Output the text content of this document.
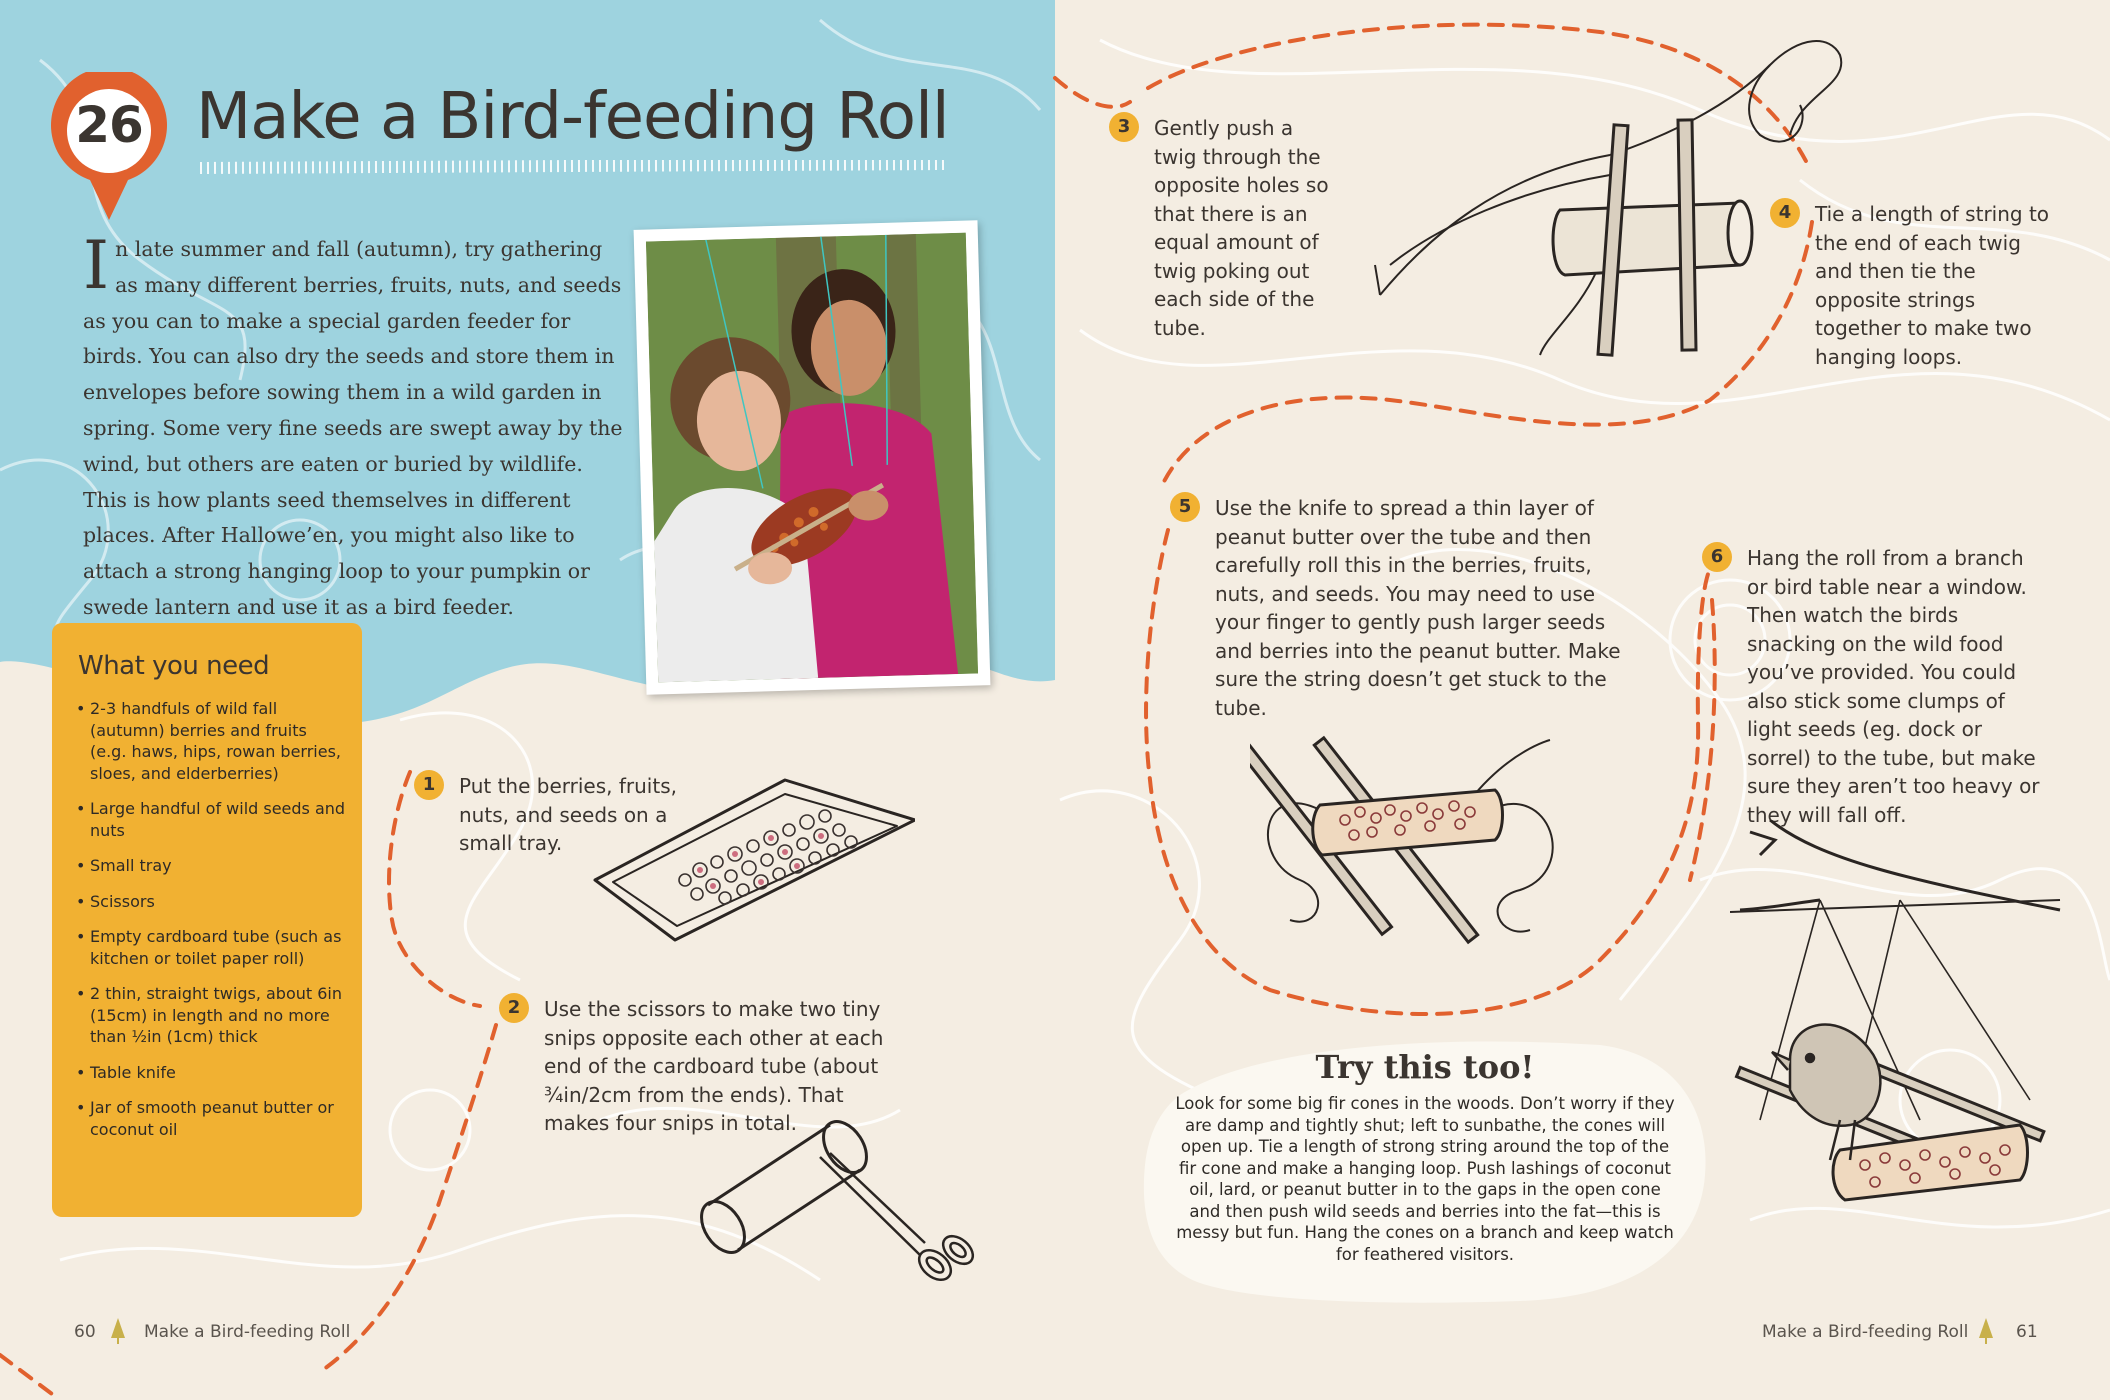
26 Make a Bird-feeding Roll

In late summer and fall (autumn), try gathering as many different berries, fruits, nuts, and seeds as you can to make a special garden feeder for birds. You can also dry the seeds and store them in envelopes before sowing them in a wild garden in spring. Some very fine seeds are swept away by the wind, but others are eaten or buried by wildlife. This is how plants seed themselves in different places. After Hallowe’en, you might also like to attach a strong hanging loop to your pumpkin or swede lantern and use it as a bird feeder.

What you need
• 2-3 handfuls of wild fall (autumn) berries and fruits (e.g. haws, hips, rowan berries, sloes, and elderberries)
• Large handful of wild seeds and nuts
• Small tray
• Scissors
• Empty cardboard tube (such as kitchen or toilet paper roll)
• 2 thin, straight twigs, about 6in (15cm) in length and no more than ½in (1cm) thick
• Table knife
• Jar of smooth peanut butter or coconut oil
1	Put the berries, fruits, nuts, and seeds on a small tray.

2	Use the scissors to make two tiny snips opposite each other at each end of the cardboard tube (about ¾in/2cm from the ends). That makes four snips in total.

3	Gently push a twig through the opposite holes so that there is an equal amount of twig poking out each side of the tube.

4	Tie a length of string to the end of each twig and then tie the opposite strings together to make two hanging loops.

5	Use the knife to spread a thin layer of peanut butter over the tube and then carefully roll this in the berries, fruits, nuts, and seeds. You may need to use your finger to gently push larger seeds and berries into the peanut butter. Make sure the string doesn’t get stuck to the tube.

6	Hang the roll from a branch or bird table near a window. Then watch the birds snacking on the wild food you’ve provided. You could also stick some clumps of light seeds (eg. dock or sorrel) to the tube, but make sure they aren’t too heavy or they will fall off.

Try this too!

Look for some big fir cones in the woods. Don’t worry if they are damp and tightly shut; left to sunbathe, the cones will open up. Tie a length of strong string around the top of the fir cone and make a hanging loop. Push lashings of coconut oil, lard, or peanut butter in to the gaps in the open cone and then push wild seeds and berries into the fat—this is messy but fun. Hang the cones on a branch and keep watch for feathered visitors.

60	Make a Bird-feeding Roll	Make a Bird-feeding Roll	61
